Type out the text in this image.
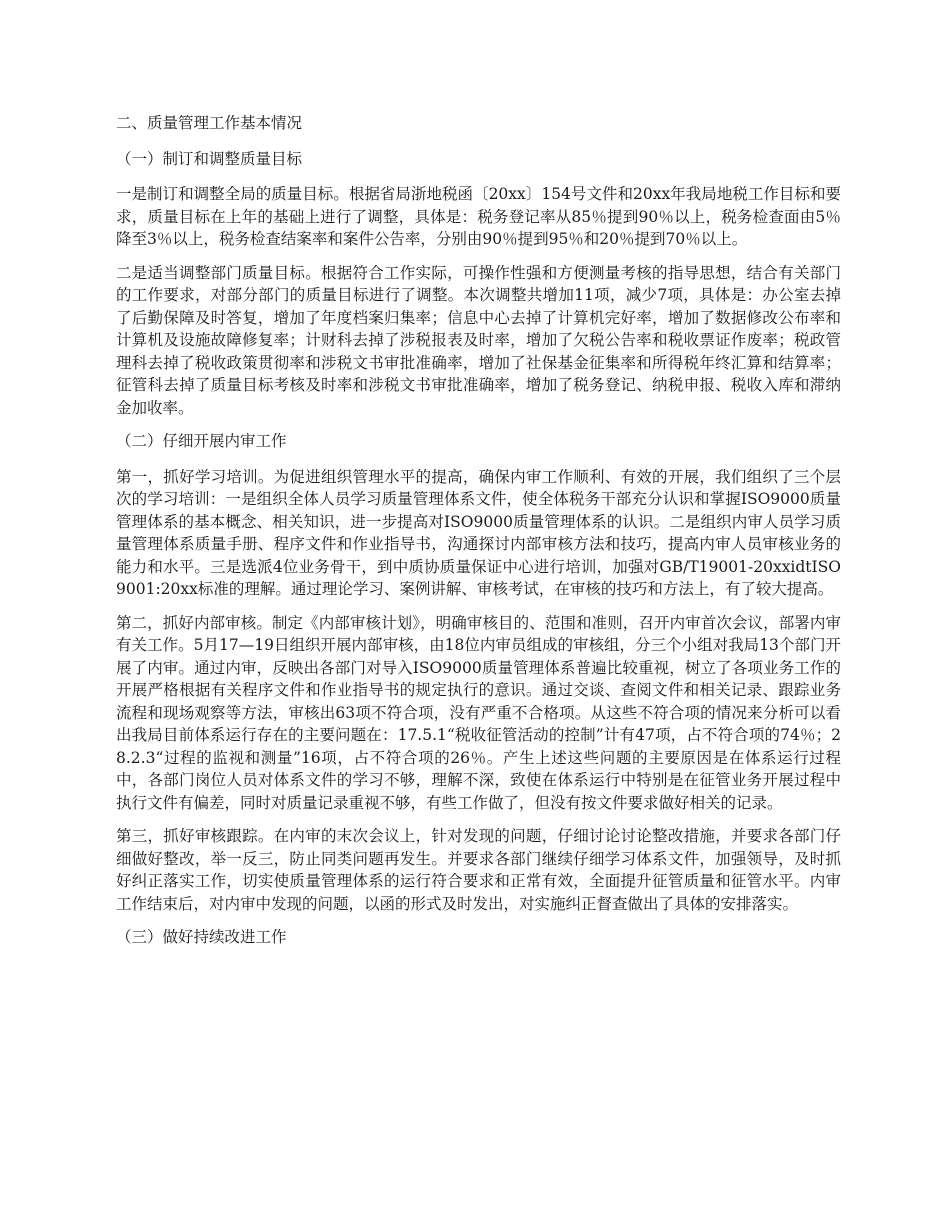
二、质量管理工作基本情况

（一）制订和调整质量目标

一是制订和调整全局的质量目标。根据省局浙地税函〔20xx〕154号文件和20xx年我局地税工作目标和要求，质量目标在上年的基础上进行了调整，具体是：税务登记率从85％提到90％以上，税务检查面由5％降至3％以上，税务检查结案率和案件公告率，分别由90％提到95％和20％提到70％以上。

二是适当调整部门质量目标。根据符合工作实际，可操作性强和方便测量考核的指导思想，结合有关部门的工作要求，对部分部门的质量目标进行了调整。本次调整共增加11项，减少7项，具体是：办公室去掉了后勤保障及时答复，增加了年度档案归集率；信息中心去掉了计算机完好率，增加了数据修改公布率和计算机及设施故障修复率；计财科去掉了涉税报表及时率，增加了欠税公告率和税收票证作废率；税政管理科去掉了税收政策贯彻率和涉税文书审批准确率，增加了社保基金征集率和所得税年终汇算和结算率；征管科去掉了质量目标考核及时率和涉税文书审批准确率，增加了税务登记、纳税申报、税收入库和滞纳金加收率。

（二）仔细开展内审工作

第一，抓好学习培训。为促进组织管理水平的提高，确保内审工作顺利、有效的开展，我们组织了三个层次的学习培训：一是组织全体人员学习质量管理体系文件，使全体税务干部充分认识和掌握ISO9000质量管理体系的基本概念、相关知识，进一步提高对ISO9000质量管理体系的认识。二是组织内审人员学习质量管理体系质量手册、程序文件和作业指导书，沟通探讨内部审核方法和技巧，提高内审人员审核业务的能力和水平。三是选派4位业务骨干，到中质协质量保证中心进行培训，加强对GB/T19001-20xxidtISO9001:20xx标准的理解。通过理论学习、案例讲解、审核考试，在审核的技巧和方法上，有了较大提高。

第二，抓好内部审核。制定《内部审核计划》，明确审核目的、范围和准则，召开内审首次会议，部署内审有关工作。5月17—19日组织开展内部审核，由18位内审员组成的审核组，分三个小组对我局13个部门开展了内审。通过内审，反映出各部门对导入ISO9000质量管理体系普遍比较重视，树立了各项业务工作的开展严格根据有关程序文件和作业指导书的规定执行的意识。通过交谈、查阅文件和相关记录、跟踪业务流程和现场观察等方法，审核出63项不符合项，没有严重不合格项。从这些不符合项的情况来分析可以看出我局目前体系运行存在的主要问题在：17.5.1“税收征管活动的控制”计有47项，占不符合项的74％；28.2.3“过程的监视和测量”16项，占不符合项的26％。产生上述这些问题的主要原因是在体系运行过程中，各部门岗位人员对体系文件的学习不够，理解不深，致使在体系运行中特别是在征管业务开展过程中执行文件有偏差，同时对质量记录重视不够，有些工作做了，但没有按文件要求做好相关的记录。

第三，抓好审核跟踪。在内审的末次会议上，针对发现的问题，仔细讨论讨论整改措施，并要求各部门仔细做好整改，举一反三，防止同类问题再发生。并要求各部门继续仔细学习体系文件，加强领导，及时抓好纠正落实工作，切实使质量管理体系的运行符合要求和正常有效，全面提升征管质量和征管水平。内审工作结束后，对内审中发现的问题，以函的形式及时发出，对实施纠正督查做出了具体的安排落实。

（三）做好持续改进工作
